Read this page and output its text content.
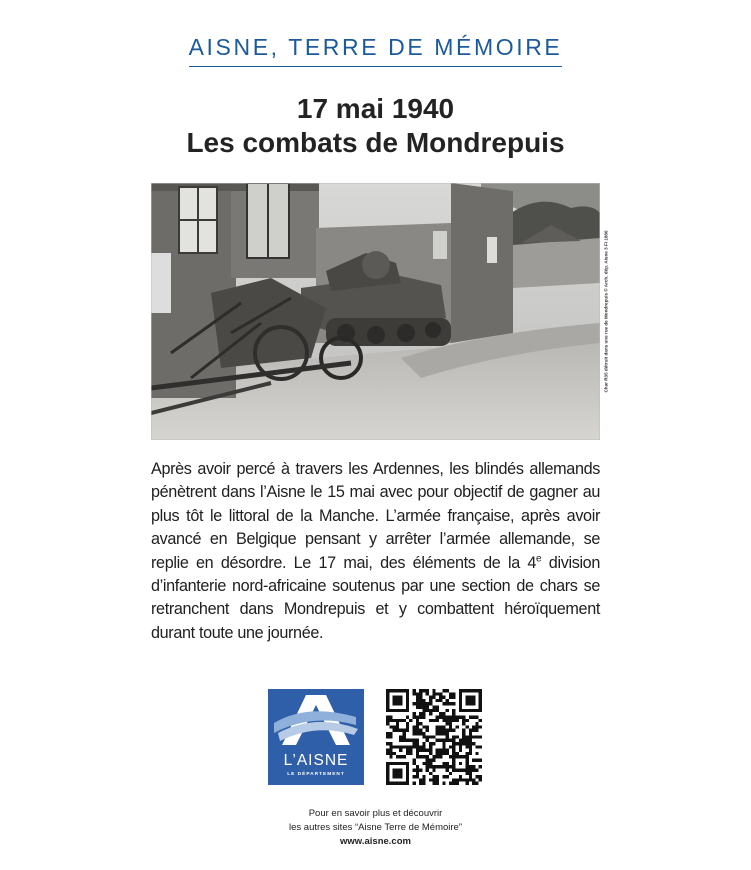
AISNE, TERRE DE MÉMOIRE
17 mai 1940
Les combats de Mondrepuis
Char R35 détruit dans une rue de Mondrepuis © Arch. dép. Aisne 3 Fi 1886
Après avoir percé à travers les Ardennes, les blindés allemands pénètrent dans l’Aisne le 15 mai avec pour objectif de gagner au plus tôt le littoral de la Manche. L’armée française, après avoir avancé en Belgique pensant y arrêter l’armée allemande, se replie en désordre. Le 17 mai, des éléments de la 4e division d’infanterie nord-africaine soutenus par une section de chars se retranchent dans Mondrepuis et y combattent héroïquement durant toute une journée.
L’AISNE
LE DÉPARTEMENT
Pour en savoir plus et découvrir
les autres sites “Aisne Terre de Mémoire”
www.aisne.com
